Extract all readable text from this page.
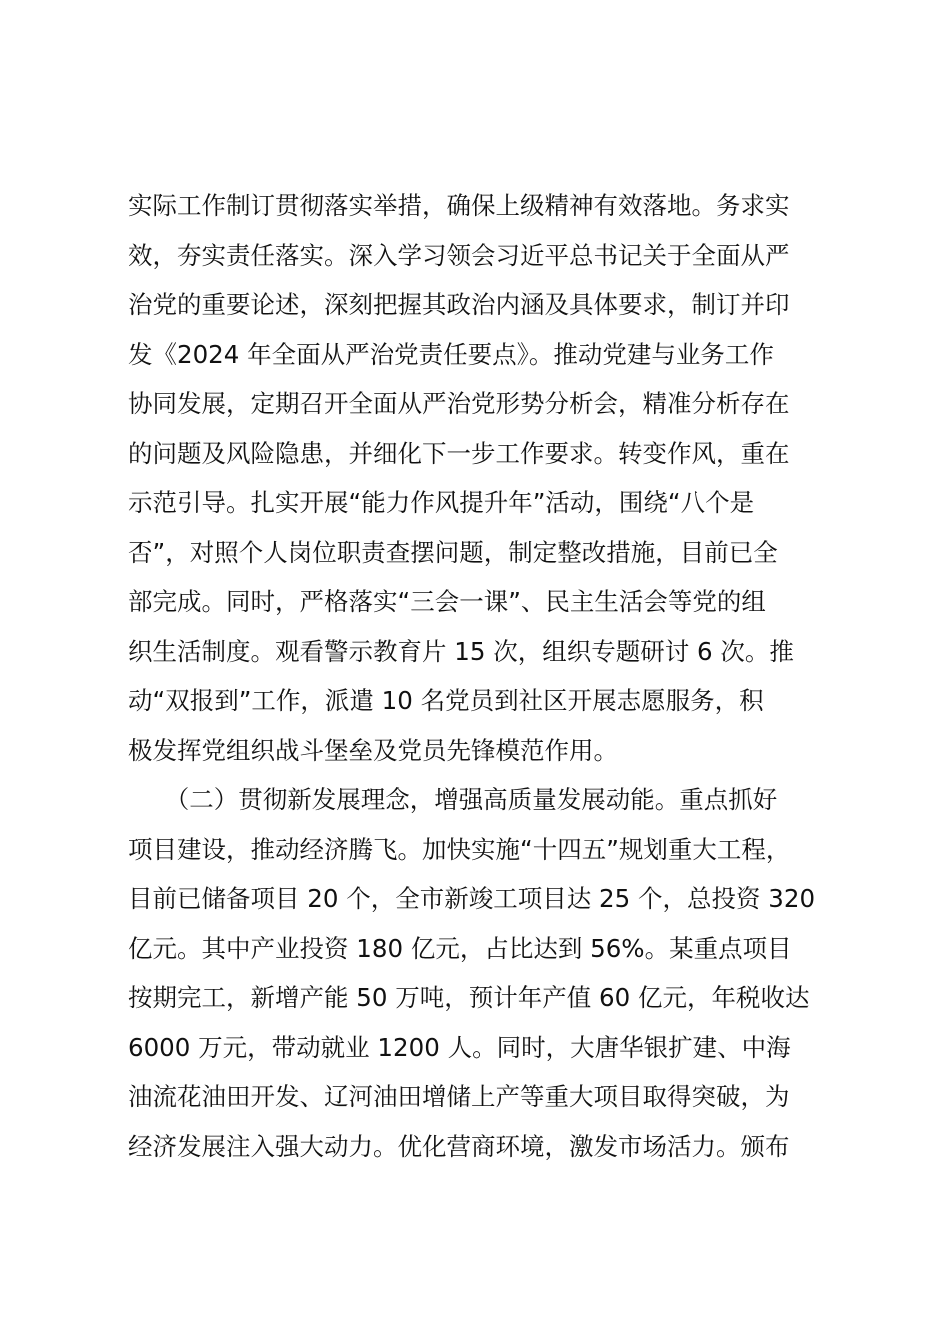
实际工作制订贯彻落实举措，确保上级精神有效落地。务求实
效，夯实责任落实。深入学习领会习近平总书记关于全面从严
治党的重要论述，深刻把握其政治内涵及具体要求，制订并印
发《2024 年全面从严治党责任要点》。推动党建与业务工作
协同发展，定期召开全面从严治党形势分析会，精准分析存在
的问题及风险隐患，并细化下一步工作要求。转变作风，重在
示范引导。扎实开展“能力作风提升年”活动，围绕“八个是
否”，对照个人岗位职责查摆问题，制定整改措施，目前已全
部完成。同时，严格落实“三会一课”、民主生活会等党的组
织生活制度。观看警示教育片 15 次，组织专题研讨 6 次。推
动“双报到”工作，派遣 10 名党员到社区开展志愿服务，积
极发挥党组织战斗堡垒及党员先锋模范作用。
　　（二）贯彻新发展理念，增强高质量发展动能。重点抓好
项目建设，推动经济腾飞。加快实施“十四五”规划重大工程，
目前已储备项目 20 个，全市新竣工项目达 25 个，总投资 320
亿元。其中产业投资 180 亿元，占比达到 56%。某重点项目
按期完工，新增产能 50 万吨，预计年产值 60 亿元，年税收达
6000 万元，带动就业 1200 人。同时，大唐华银扩建、中海
油流花油田开发、辽河油田增储上产等重大项目取得突破，为
经济发展注入强大动力。优化营商环境，激发市场活力。颁布
